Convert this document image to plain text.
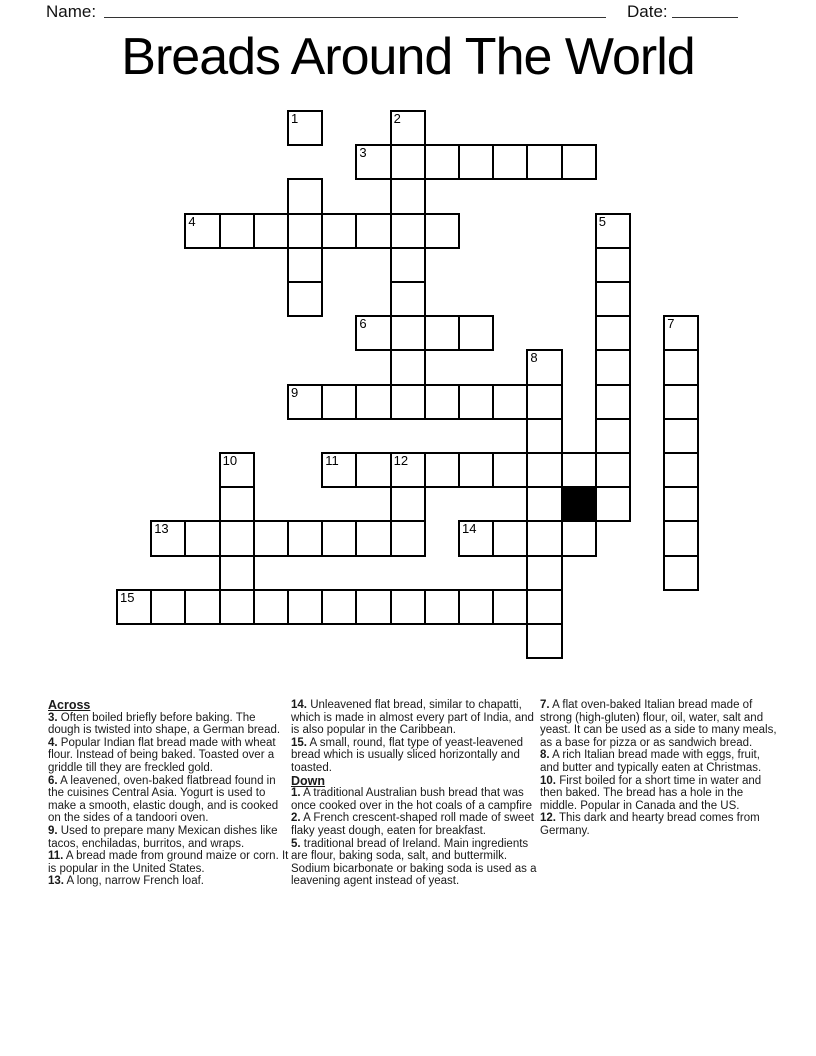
Name:	Date:
Breads Around The World
1	2
3
4	5
6	7
8
9
10	11	12
13	14
15
Across

3. Often boiled briefly before baking. The dough is twisted into shape, a German bread.

4. Popular Indian flat bread made with wheat flour. Instead of being baked. Toasted over a griddle till they are freckled gold.

6. A leavened, oven-baked flatbread found in the cuisines Central Asia. Yogurt is used to make a smooth, elastic dough, and is cooked on the sides of a tandoori oven.

9. Used to prepare many Mexican dishes like tacos, enchiladas, burritos, and wraps.

11. A bread made from ground maize or corn. It is popular in the United States.

13. A long, narrow French loaf.

14. Unleavened flat bread, similar to chapatti, which is made in almost every part of India, and is also popular in the Caribbean.

15. A small, round, flat type of yeast-leavened bread which is usually sliced horizontally and toasted.

Down

1. A traditional Australian bush bread that was once cooked over in the hot coals of a campfire

2. A French crescent-shaped roll made of sweet flaky yeast dough, eaten for breakfast.

5. traditional bread of Ireland. Main ingredients are flour, baking soda, salt, and buttermilk. Sodium bicarbonate or baking soda is used as a leavening agent instead of yeast.

7. A flat oven-baked Italian bread made of strong (high-gluten) flour, oil, water, salt and yeast. It can be used as a side to many meals, as a base for pizza or as sandwich bread.

8. A rich Italian bread made with eggs, fruit, and butter and typically eaten at Christmas.

10. First boiled for a short time in water and then baked. The bread has a hole in the middle. Popular in Canada and the US.

12. This dark and hearty bread comes from Germany.
